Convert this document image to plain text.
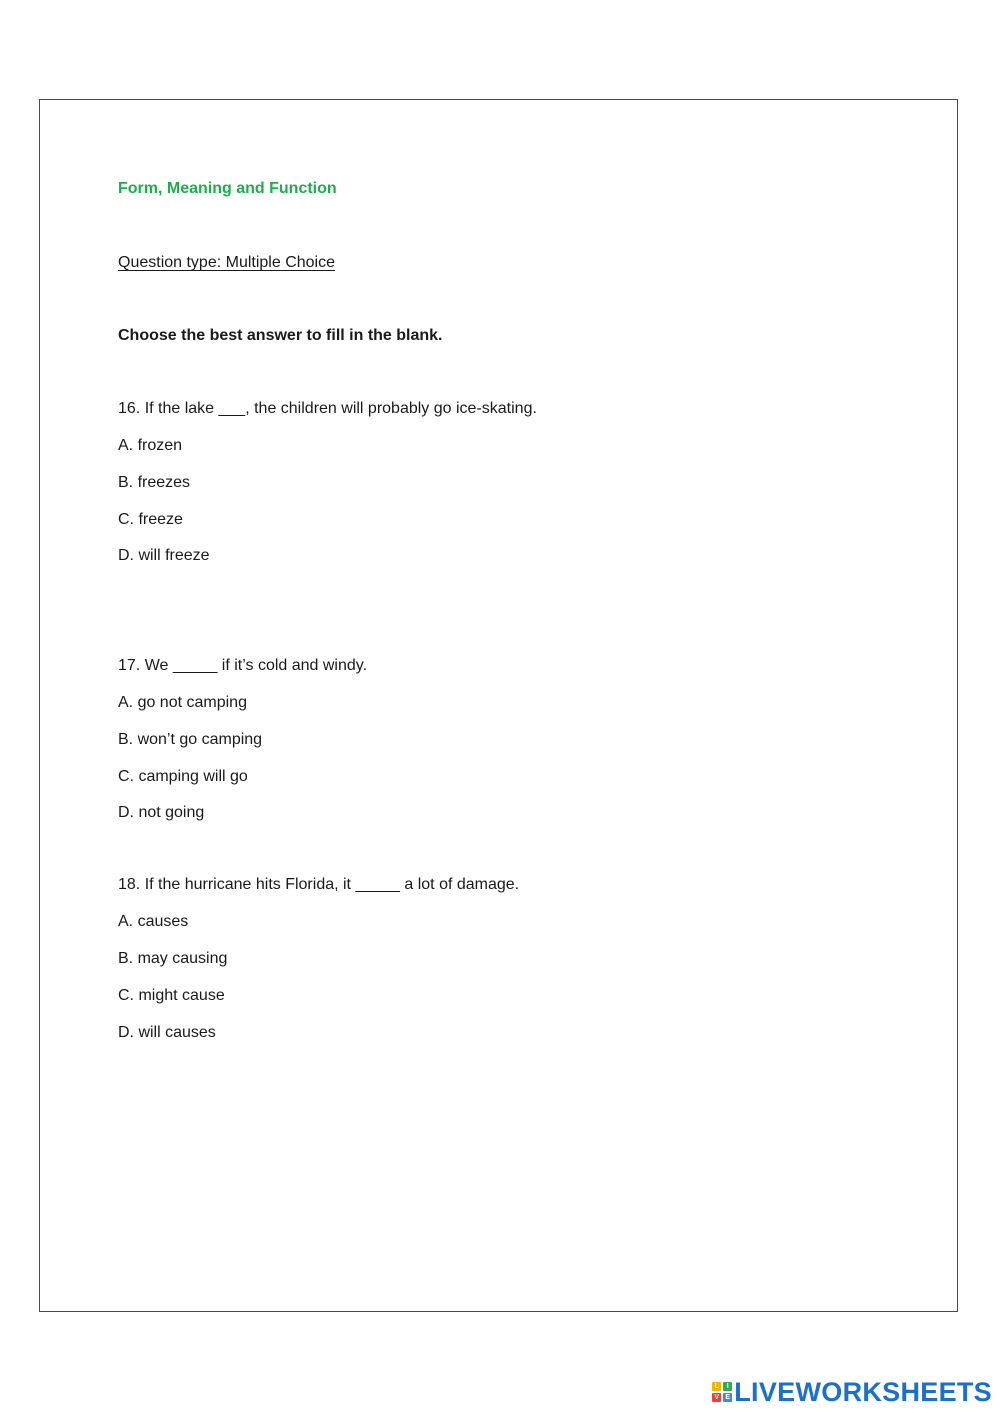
Form, Meaning and Function
Question type: Multiple Choice
Choose the best answer to fill in the blank.
16. If the lake ___, the children will probably go ice-skating.
A. frozen
B. freezes
C. freeze
D. will freeze
17. We _____ if it’s cold and windy.
A. go not camping
B. won’t go camping
C. camping will go
D. not going
18. If the hurricane hits Florida, it _____ a lot of damage.
A. causes
B. may causing
C. might cause
D. will causes
L	I
V E LIVEWORKSHEETS
